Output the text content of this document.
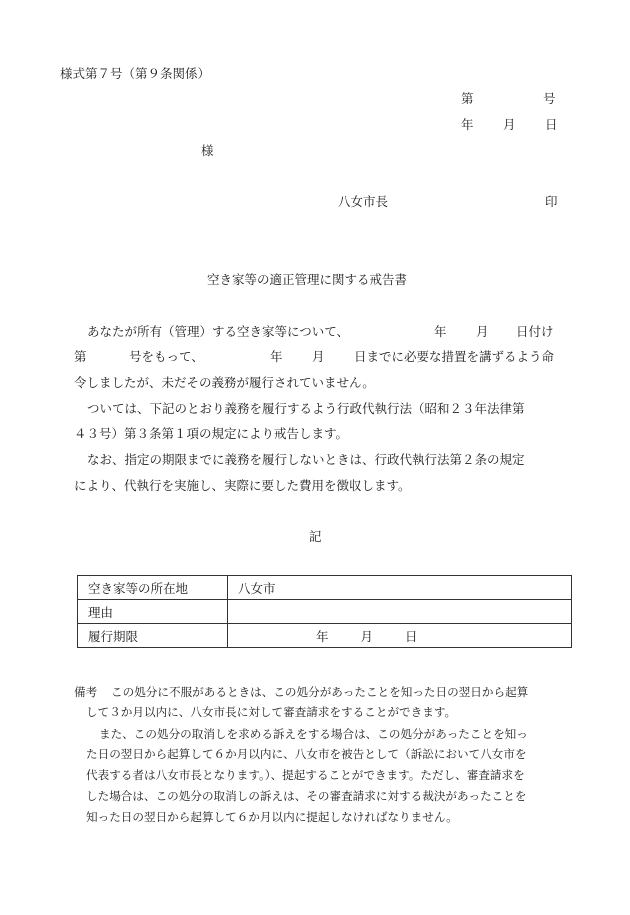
様式第７号（第９条関係）
第	号
年 月 日
様
八女市長	印
空き家等の適正管理に関する戒告書
あなたが所有（管理）する空き家等について、	年 月 日付け
第	号をもって、	年 月 日までに必要な措置を講ずるよう命
令しましたが、未だその義務が履行されていません。
ついては、下記のとおり義務を履行するよう行政代執行法（昭和２３年法律第
４３号）第３条第１項の規定により戒告します。
なお、指定の期限までに義務を履行しないときは、行政代執行法第２条の規定
により、代執行を実施し、実際に要した費用を徴収します。
記
空き家等の所在地	八女市
理由	
履行期限	年 月 日
備考 この処分に不服があるときは、この処分があったことを知った日の翌日から起算
して３か月以内に、八女市長に対して審査請求をすることができます。
また、この処分の取消しを求める訴えをする場合は、この処分があったことを知っ
た日の翌日から起算して６か月以内に、八女市を被告として（訴訟において八女市を
代表する者は八女市長となります。）、提起することができます。ただし、審査請求を
した場合は、この処分の取消しの訴えは、その審査請求に対する裁決があったことを
知った日の翌日から起算して６か月以内に提起しなければなりません。
